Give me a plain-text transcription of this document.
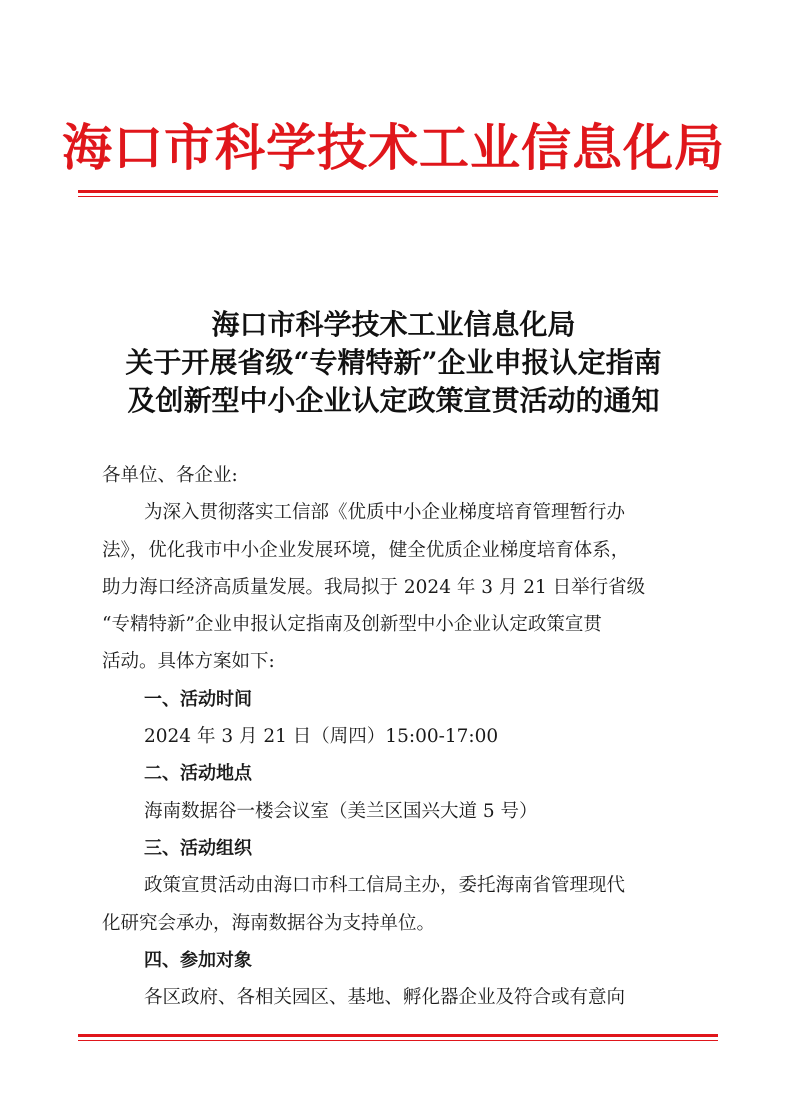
海口市科学技术工业信息化局
海口市科学技术工业信息化局
关于开展省级“专精特新”企业申报认定指南
及创新型中小企业认定政策宣贯活动的通知
各单位、各企业:
为深入贯彻落实工信部《优质中小企业梯度培育管理暂行办
法》，优化我市中小企业发展环境，健全优质企业梯度培育体系，
助力海口经济高质量发展。我局拟于 2024 年 3 月 21 日举行省级
“专精特新”企业申报认定指南及创新型中小企业认定政策宣贯
活动。具体方案如下:
一、活动时间
2024 年 3 月 21 日（周四）15:00-17:00
二、活动地点
海南数据谷一楼会议室（美兰区国兴大道 5 号）
三、活动组织
政策宣贯活动由海口市科工信局主办，委托海南省管理现代
化研究会承办，海南数据谷为支持单位。
四、参加对象
各区政府、各相关园区、基地、孵化器企业及符合或有意向
